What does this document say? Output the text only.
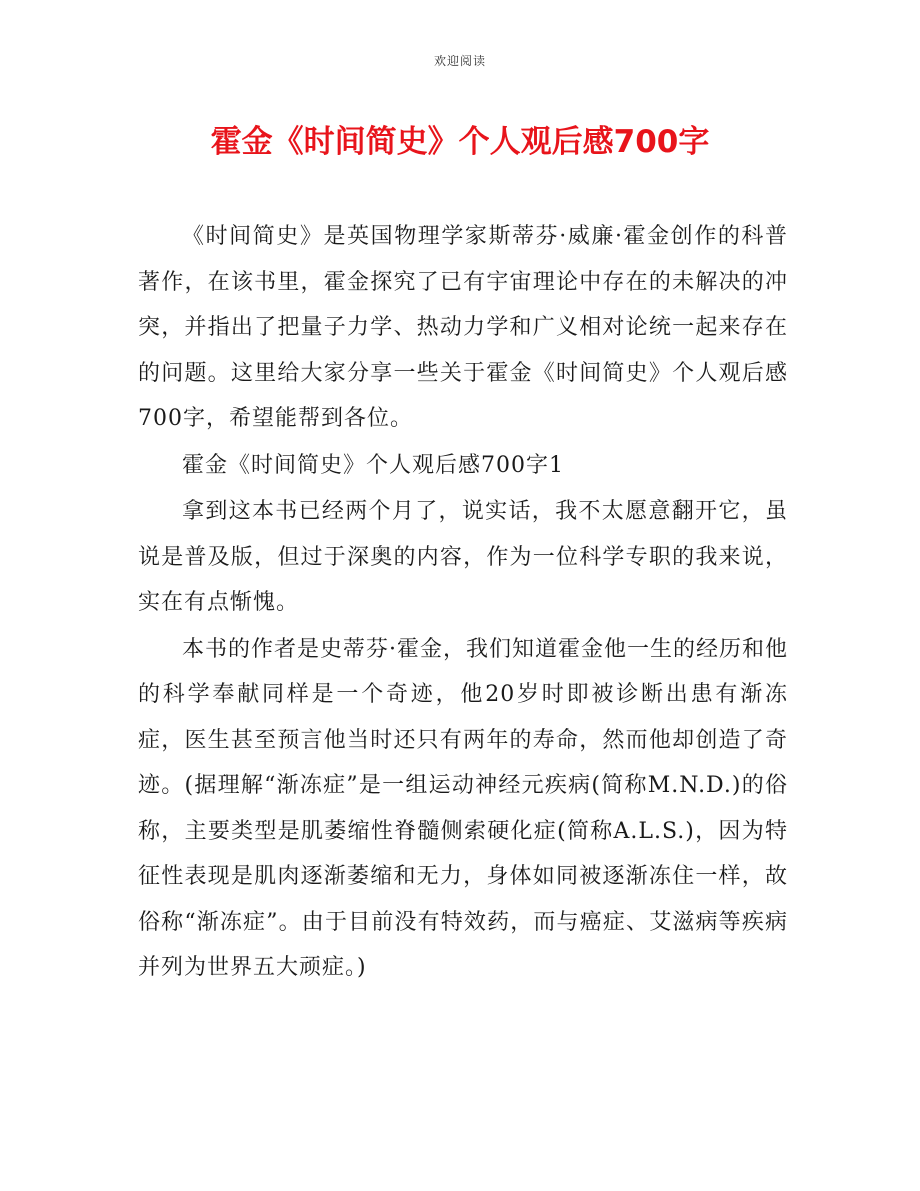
欢迎阅读
霍金《时间简史》个人观后感700字

《时间简史》是英国物理学家斯蒂芬·威廉·霍金创作的科普著作，在该书里，霍金探究了已有宇宙理论中存在的未解决的冲突，并指出了把量子力学、热动力学和广义相对论统一起来存在的问题。这里给大家分享一些关于霍金《时间简史》个人观后感700字，希望能帮到各位。

霍金《时间简史》个人观后感700字1

拿到这本书已经两个月了，说实话，我不太愿意翻开它，虽说是普及版，但过于深奥的内容，作为一位科学专职的我来说，实在有点惭愧。

本书的作者是史蒂芬·霍金，我们知道霍金他一生的经历和他的科学奉献同样是一个奇迹，他20岁时即被诊断出患有渐冻症，医生甚至预言他当时还只有两年的寿命，然而他却创造了奇迹。(据理解“渐冻症”是一组运动神经元疾病(简称M.N.D.)的俗称，主要类型是肌萎缩性脊髓侧索硬化症(简称A.L.S.)，因为特征性表现是肌肉逐渐萎缩和无力，身体如同被逐渐冻住一样，故俗称“渐冻症”。由于目前没有特效药，而与癌症、艾滋病等疾病并列为世界五大顽症。)
